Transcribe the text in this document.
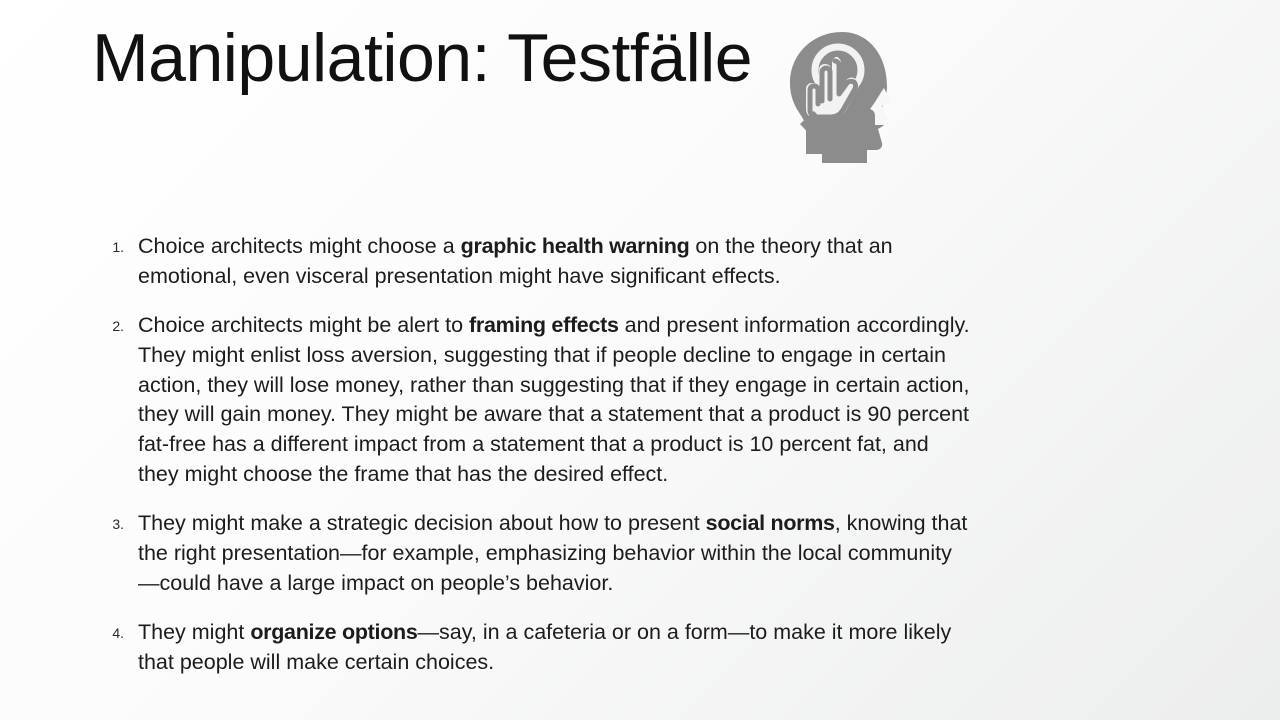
Manipulation: Testfälle
1. Choice architects might choose a graphic health warning on the theory that an emotional, even visceral presentation might have significant effects.
2. Choice architects might be alert to framing effects and present information accordingly. They might enlist loss aversion, suggesting that if people decline to engage in certain action, they will lose money, rather than suggesting that if they engage in certain action, they will gain money. They might be aware that a statement that a product is 90 percent fat-free has a different impact from a statement that a product is 10 percent fat, and they might choose the frame that has the desired effect.
3. They might make a strategic decision about how to present social norms, knowing that the right presentation—for example, emphasizing behavior within the local community—could have a large impact on people’s behavior.
4. They might organize options—say, in a cafeteria or on a form—to make it more likely that people will make certain choices.
